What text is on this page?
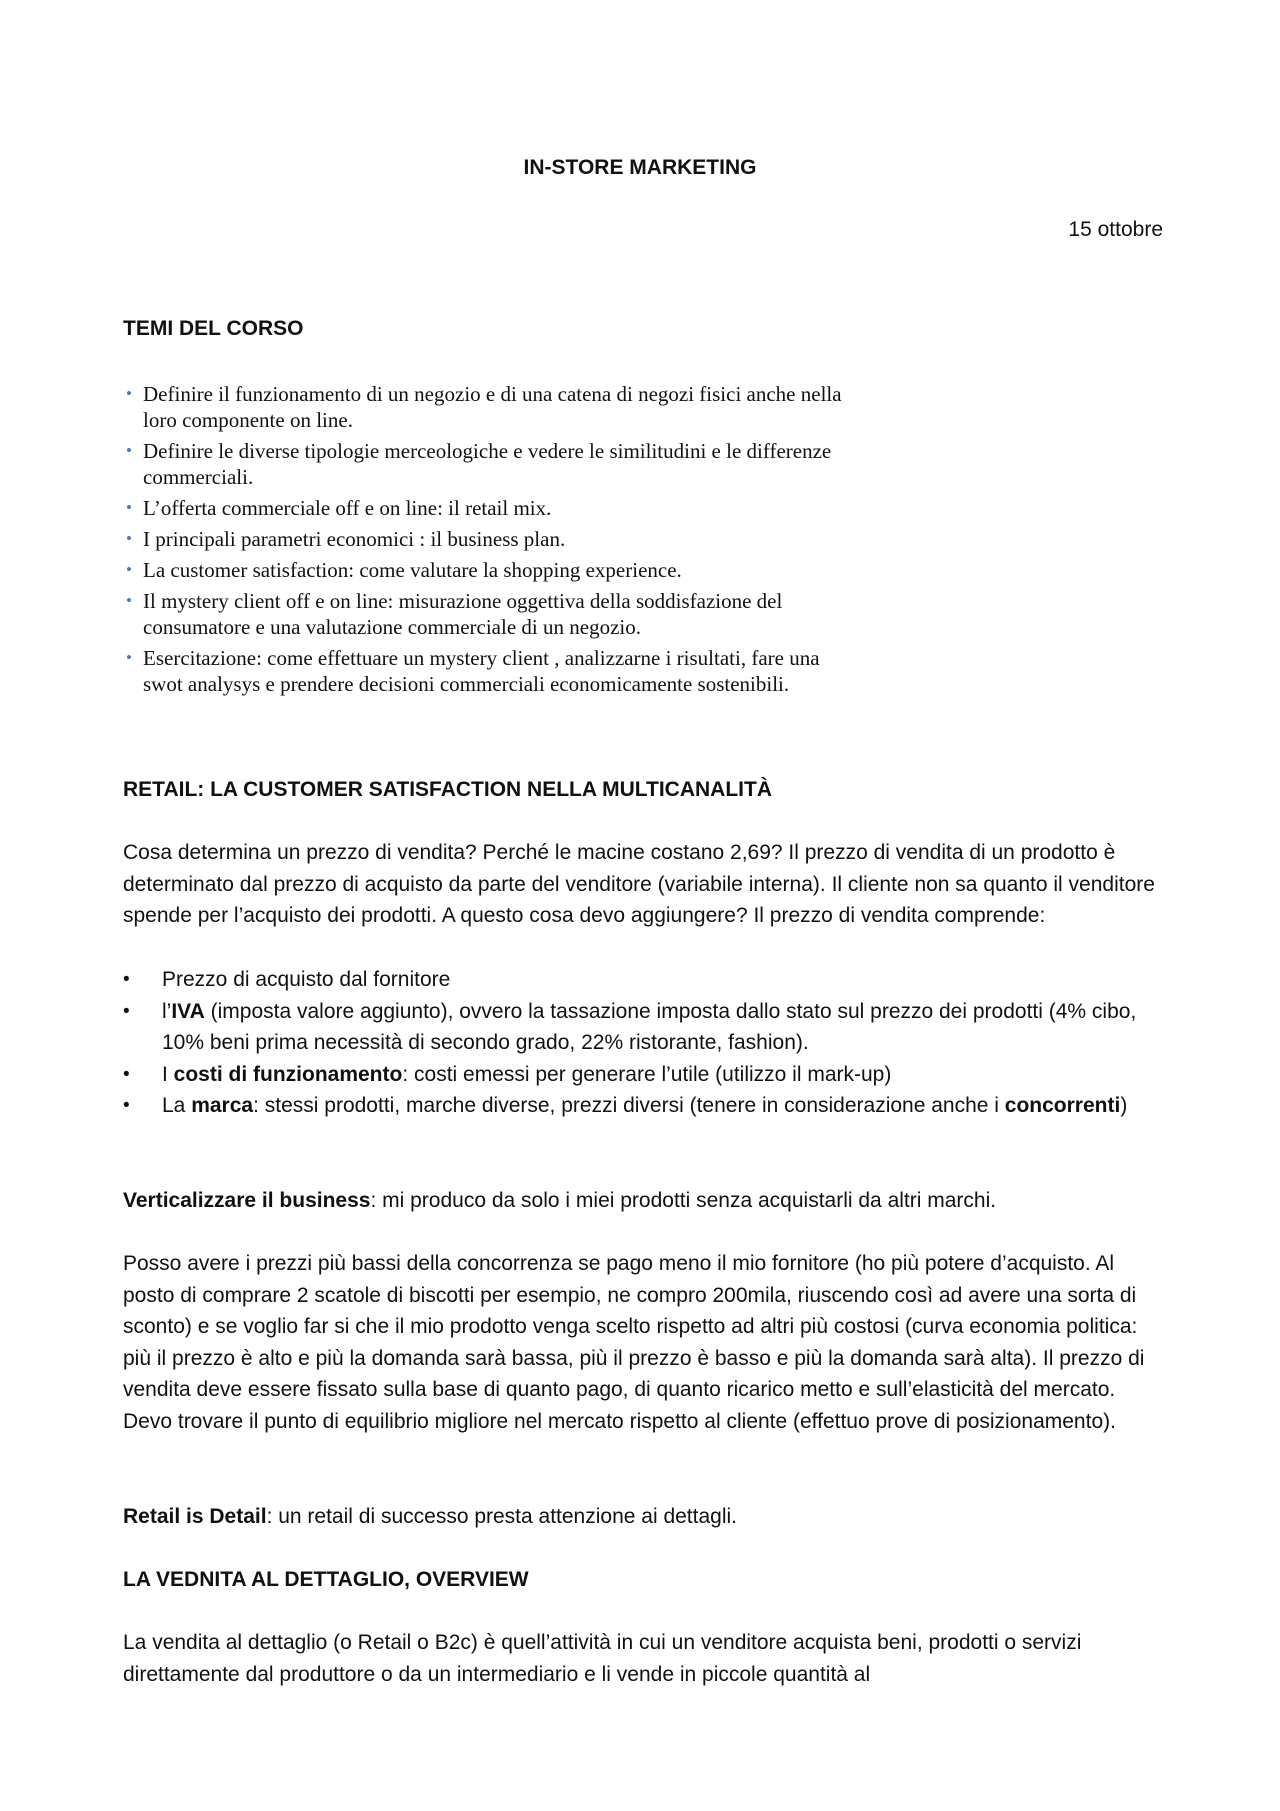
IN-STORE MARKETING

15 ottobre

TEMI DEL CORSO

• Definire il funzionamento di un negozio e di una catena di negozi fisici anche nella loro componente on line.
• Definire le diverse tipologie merceologiche e vedere le similitudini e le differenze commerciali.
• L’offerta commerciale off e on line: il retail mix.
• I principali parametri economici : il business plan.
• La customer satisfaction: come valutare la shopping experience.
• Il mystery client off e on line: misurazione oggettiva della soddisfazione del consumatore e una valutazione commerciale di un negozio.
• Esercitazione: come effettuare un mystery client , analizzarne i risultati, fare una swot analysys e prendere decisioni commerciali economicamente sostenibili.

RETAIL: LA CUSTOMER SATISFACTION NELLA MULTICANALITÀ

Cosa determina un prezzo di vendita? Perché le macine costano 2,69? Il prezzo di vendita di un prodotto è determinato dal prezzo di acquisto da parte del venditore (variabile interna). Il cliente non sa quanto il venditore spende per l’acquisto dei prodotti. A questo cosa devo aggiungere? Il prezzo di vendita comprende:

• Prezzo di acquisto dal fornitore
• l’IVA (imposta valore aggiunto), ovvero la tassazione imposta dallo stato sul prezzo dei prodotti (4% cibo, 10% beni prima necessità di secondo grado, 22% ristorante, fashion).
• I costi di funzionamento: costi emessi per generare l’utile (utilizzo il mark-up)
• La marca: stessi prodotti, marche diverse, prezzi diversi (tenere in considerazione anche i concorrenti)

Verticalizzare il business: mi produco da solo i miei prodotti senza acquistarli da altri marchi.

Posso avere i prezzi più bassi della concorrenza se pago meno il mio fornitore (ho più potere d’acquisto. Al posto di comprare 2 scatole di biscotti per esempio, ne compro 200mila, riuscendo così ad avere una sorta di sconto) e se voglio far si che il mio prodotto venga scelto rispetto ad altri più costosi (curva economia politica: più il prezzo è alto e più la domanda sarà bassa, più il prezzo è basso e più la domanda sarà alta). Il prezzo di vendita deve essere fissato sulla base di quanto pago, di quanto ricarico metto e sull’elasticità del mercato. Devo trovare il punto di equilibrio migliore nel mercato rispetto al cliente (effettuo prove di posizionamento).

Retail is Detail: un retail di successo presta attenzione ai dettagli.

LA VEDNITA AL DETTAGLIO, OVERVIEW

La vendita al dettaglio (o Retail o B2c) è quell’attività in cui un venditore acquista beni, prodotti o servizi direttamente dal produttore o da un intermediario e li vende in piccole quantità al
